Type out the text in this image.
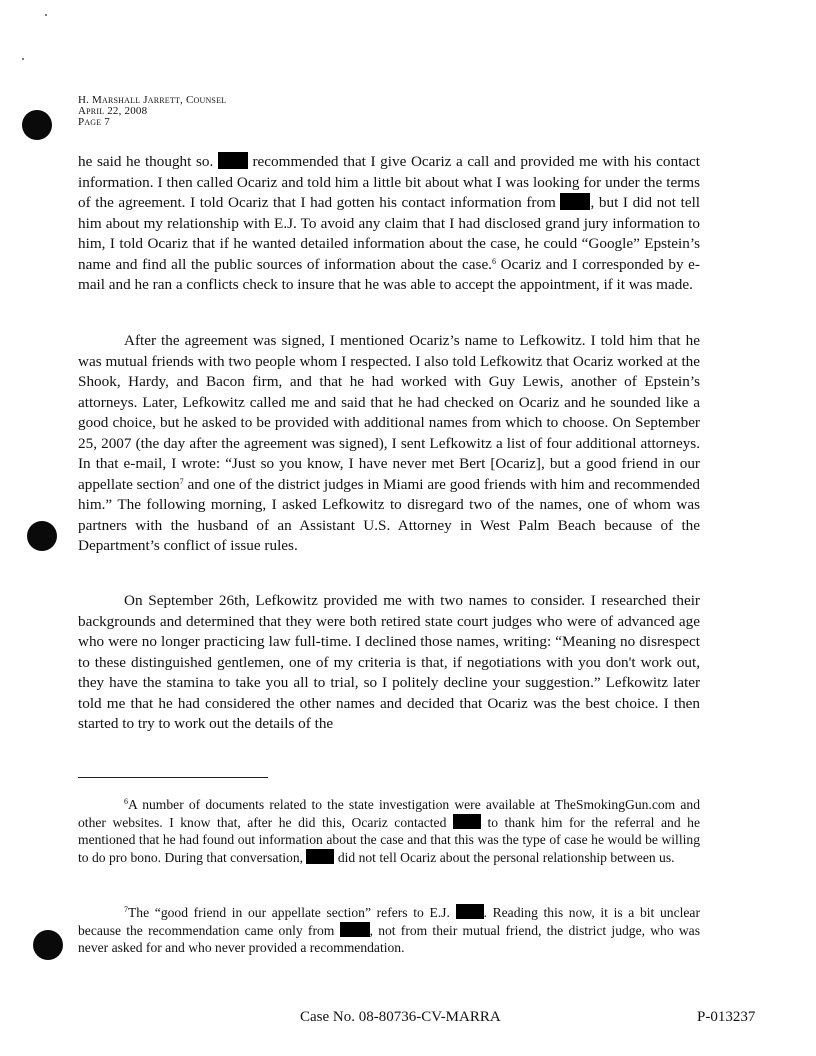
H. Marshall Jarrett, Counsel
April 22, 2008
Page 7

he said he thought so.	recommended that I give Ocariz a call and provided me with his contact information. I then called Ocariz and told him a little bit about what I was looking for under the terms of the agreement. I told Ocariz that I had gotten his contact information from , but I did not tell him about my relationship with E.J. To avoid any claim that I had disclosed grand jury information to him, I told Ocariz that if he wanted detailed information about the case, he could “Google” Epstein’s name and find all the public sources of information about the case.$^6$ Ocariz and I corresponded by e-mail and he ran a conflicts check to insure that he was able to accept the appointment, if it was made.

After the agreement was signed, I mentioned Ocariz’s name to Lefkowitz. I told him that he was mutual friends with two people whom I respected. I also told Lefkowitz that Ocariz worked at the Shook, Hardy, and Bacon firm, and that he had worked with Guy Lewis, another of Epstein’s attorneys. Later, Lefkowitz called me and said that he had checked on Ocariz and he sounded like a good choice, but he asked to be provided with additional names from which to choose. On September 25, 2007 (the day after the agreement was signed), I sent Lefkowitz a list of four additional attorneys. In that e-mail, I wrote: “Just so you know, I have never met Bert [Ocariz], but a good friend in our appellate section$^7$ and one of the district judges in Miami are good friends with him and recommended him.” The following morning, I asked Lefkowitz to disregard two of the names, one of whom was partners with the husband of an Assistant U.S. Attorney in West Palm Beach because of the Department’s conflict of issue rules.

On September 26th, Lefkowitz provided me with two names to consider. I researched their backgrounds and determined that they were both retired state court judges who were of advanced age who were no longer practicing law full-time. I declined those names, writing: “Meaning no disrespect to these distinguished gentlemen, one of my criteria is that, if negotiations with you don't work out, they have the stamina to take you all to trial, so I politely decline your suggestion.” Lefkowitz later told me that he had considered the other names and decided that Ocariz was the best choice. I then started to try to work out the details of the

$^6$A number of documents related to the state investigation were available at TheSmokingGun.com and other websites. I know that, after he did this, Ocariz contacted	to thank him for the referral and he mentioned that he had found out information about the case and that this was the type of case he would be willing to do pro bono. During that conversation,  did not tell Ocariz about the personal relationship between us.

$^7$The “good friend in our appellate section” refers to E.J. . Reading this now, it is a bit unclear because the recommendation came only from	, not from their mutual friend, the district judge, who was never asked for and who never provided a recommendation.

Case No. 08-80736-CV-MARRA	P-013237
